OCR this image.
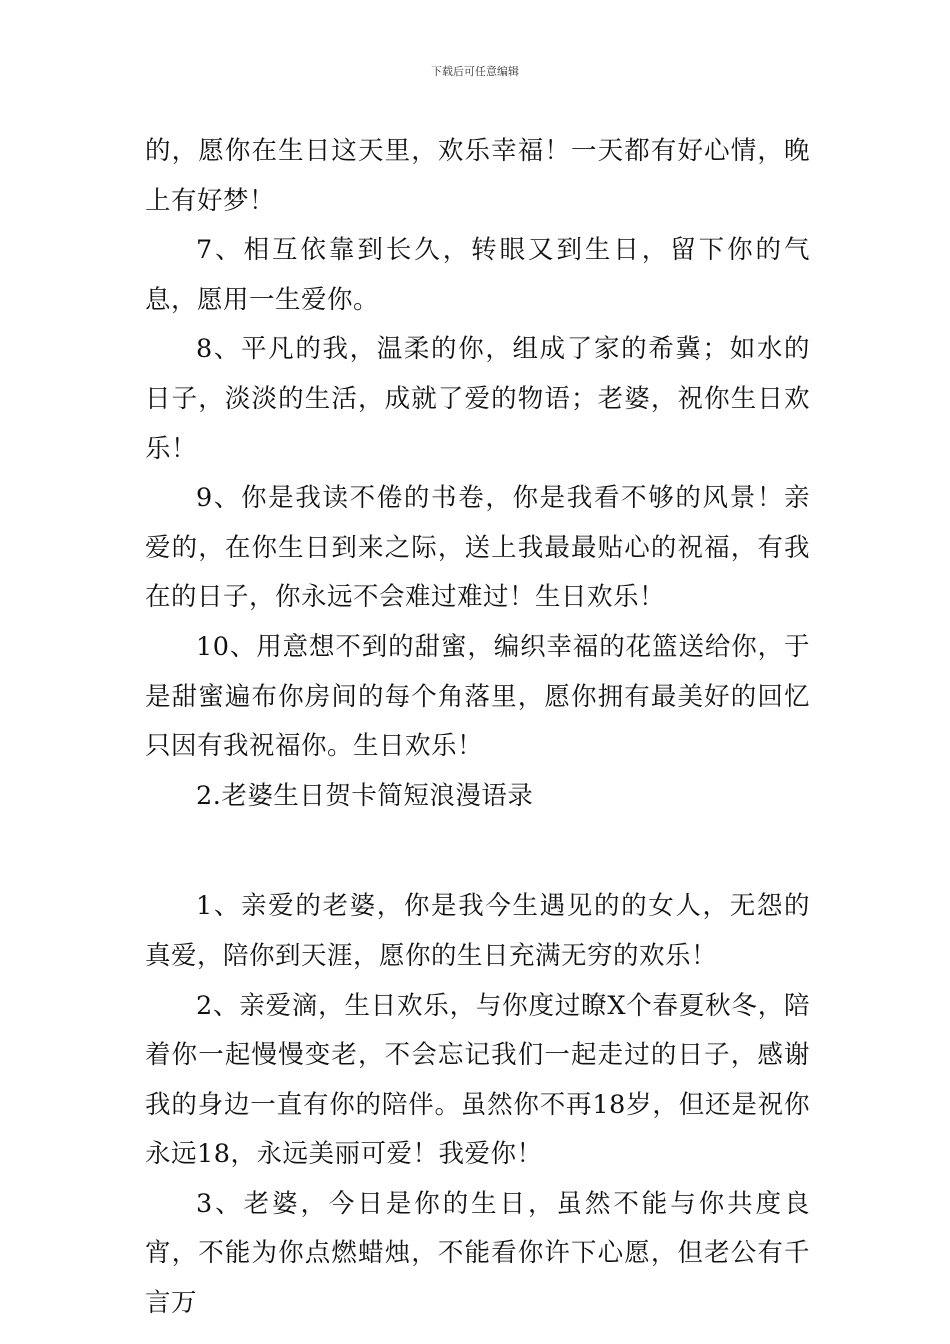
下载后可任意编辑

的，愿你在生日这天里，欢乐幸福！一天都有好心情，晚上有好梦！

7、相互依靠到长久，转眼又到生日，留下你的气息，愿用一生爱你。

8、平凡的我，温柔的你，组成了家的希冀；如水的日子，淡淡的生活，成就了爱的物语；老婆，祝你生日欢乐！

9、你是我读不倦的书卷，你是我看不够的风景！亲爱的，在你生日到来之际，送上我最最贴心的祝福，有我在的日子，你永远不会难过难过！生日欢乐！

10、用意想不到的甜蜜，编织幸福的花篮送给你，于是甜蜜遍布你房间的每个角落里，愿你拥有最美好的回忆只因有我祝福你。生日欢乐！

2.老婆生日贺卡简短浪漫语录

1、亲爱的老婆，你是我今生遇见的的女人，无怨的真爱，陪你到天涯，愿你的生日充满无穷的欢乐！

2、亲爱滴，生日欢乐，与你度过瞭X个春夏秋冬，陪着你一起慢慢变老，不会忘记我们一起走过的日子，感谢我的身边一直有你的陪伴。虽然你不再18岁，但还是祝你永远18，永远美丽可爱！我爱你！

3、老婆，今日是你的生日，虽然不能与你共度良宵，不能为你点燃蜡烛，不能看你许下心愿，但老公有千言万
